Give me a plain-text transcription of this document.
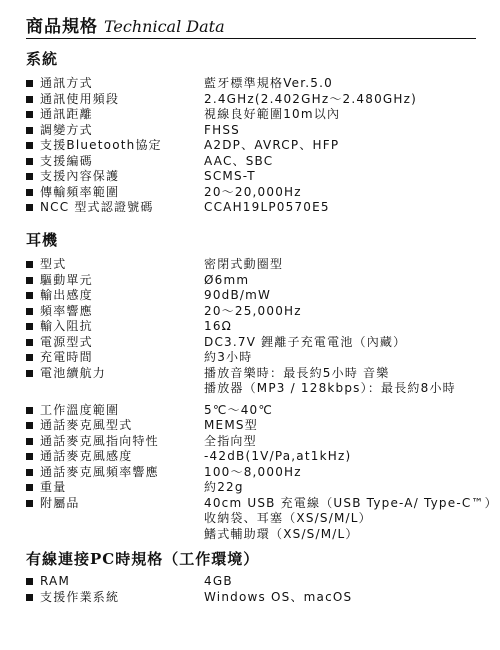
商品規格 Technical Data
系統
通訊方式	藍牙標準規格Ver.5.0
通訊使用頻段	2.4GHz(2.402GHz～2.480GHz)
通訊距離	視線良好範圍10m以內
調變方式	FHSS
支援Bluetooth協定	A2DP、AVRCP、HFP
支援編碼	AAC、SBC
支援內容保護	SCMS-T
傳輸頻率範圍	20～20,000Hz
NCC 型式認證號碼	CCAH19LP0570E5
耳機
型式	密閉式動圈型
驅動單元	Ø6mm
輸出感度	90dB/mW
頻率響應	20～25,000Hz
輸入阻抗	16Ω
電源型式	DC3.7V 鋰離子充電電池（內藏）
充電時間	約3小時
電池續航力	播放音樂時：最長約5小時 音樂
播放器（MP3 / 128kbps）：最長約8小時
工作溫度範圍	5℃～40℃
通話麥克風型式	MEMS型
通話麥克風指向特性	全指向型
通話麥克風感度	-42dB(1V/Pa,at1kHz)
通話麥克風頻率響應	100～8,000Hz
重量	約22g
附屬品	40cm USB 充電線（USB Type-A/ Type-C™）
收納袋、耳塞（XS/S/M/L）
鰭式輔助環（XS/S/M/L）
有線連接PC時規格（工作環境）
RAM	4GB
支援作業系統	Windows OS、macOS
